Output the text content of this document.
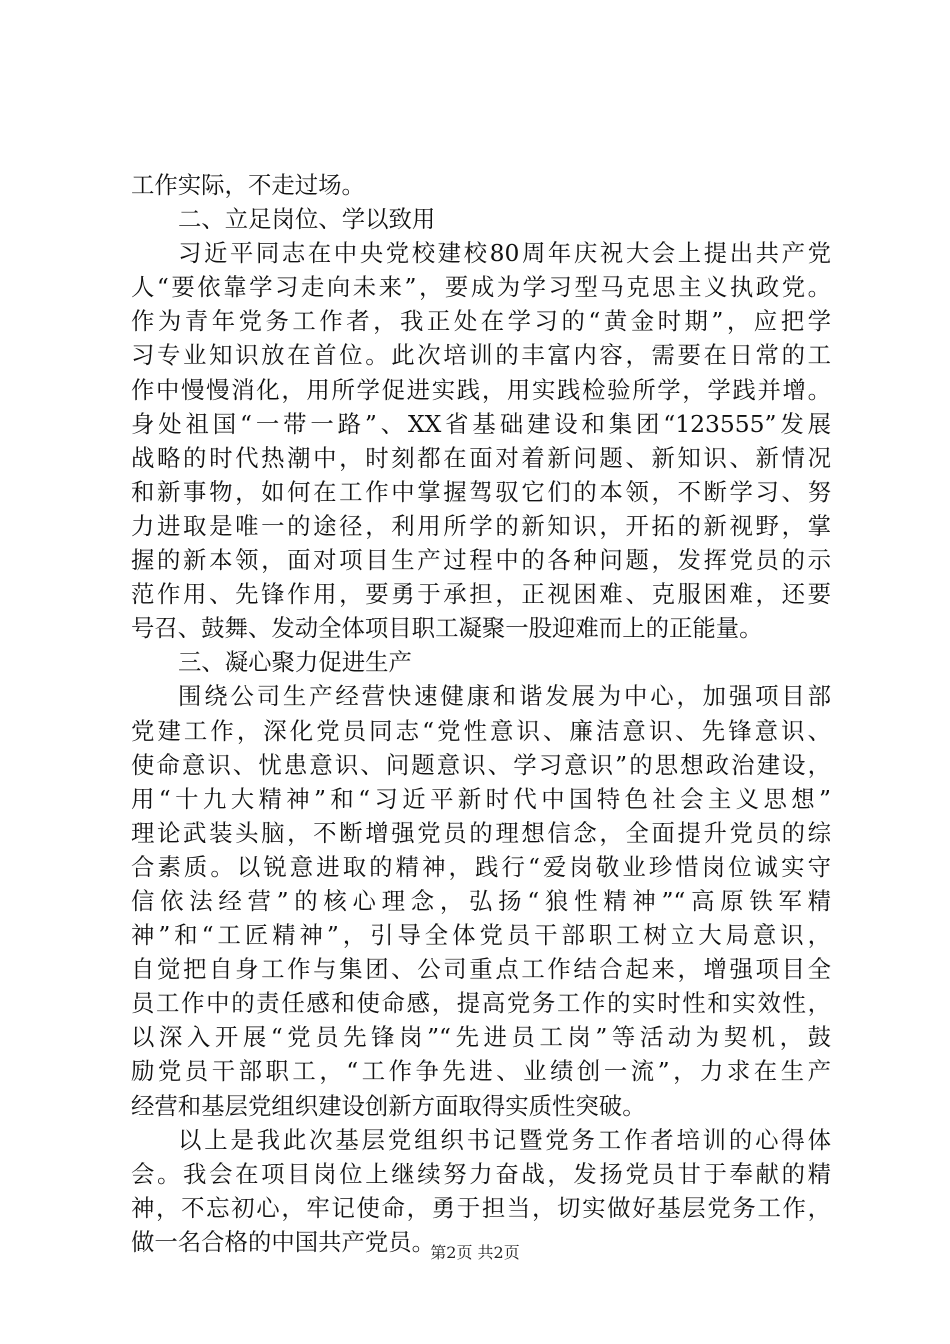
工作实际，不走过场。
二、立足岗位、学以致用
习近平同志在中央党校建校80周年庆祝大会上提出共产党
人“要依靠学习走向未来”，要成为学习型马克思主义执政党。
作为青年党务工作者，我正处在学习的“黄金时期”，应把学
习专业知识放在首位。此次培训的丰富内容，需要在日常的工
作中慢慢消化，用所学促进实践，用实践检验所学，学践并增。
身处祖国“一带一路”、XX省基础建设和集团“123555”发展
战略的时代热潮中，时刻都在面对着新问题、新知识、新情况
和新事物，如何在工作中掌握驾驭它们的本领，不断学习、努
力进取是唯一的途径，利用所学的新知识，开拓的新视野，掌
握的新本领，面对项目生产过程中的各种问题，发挥党员的示
范作用、先锋作用，要勇于承担，正视困难、克服困难，还要
号召、鼓舞、发动全体项目职工凝聚一股迎难而上的正能量。
三、凝心聚力促进生产
围绕公司生产经营快速健康和谐发展为中心，加强项目部
党建工作，深化党员同志“党性意识、廉洁意识、先锋意识、
使命意识、忧患意识、问题意识、学习意识”的思想政治建设，
用“十九大精神”和“习近平新时代中国特色社会主义思想”
理论武装头脑，不断增强党员的理想信念，全面提升党员的综
合素质。以锐意进取的精神，践行“爱岗敬业珍惜岗位诚实守
信依法经营”的核心理念，弘扬“狼性精神”“高原铁军精
神”和“工匠精神”，引导全体党员干部职工树立大局意识，
自觉把自身工作与集团、公司重点工作结合起来，增强项目全
员工作中的责任感和使命感，提高党务工作的实时性和实效性，
以深入开展“党员先锋岗”“先进员工岗”等活动为契机，鼓
励党员干部职工，“工作争先进、业绩创一流”，力求在生产
经营和基层党组织建设创新方面取得实质性突破。
以上是我此次基层党组织书记暨党务工作者培训的心得体
会。我会在项目岗位上继续努力奋战，发扬党员甘于奉献的精
神，不忘初心，牢记使命，勇于担当，切实做好基层党务工作，
做一名合格的中国共产党员。
第2页 共2页
